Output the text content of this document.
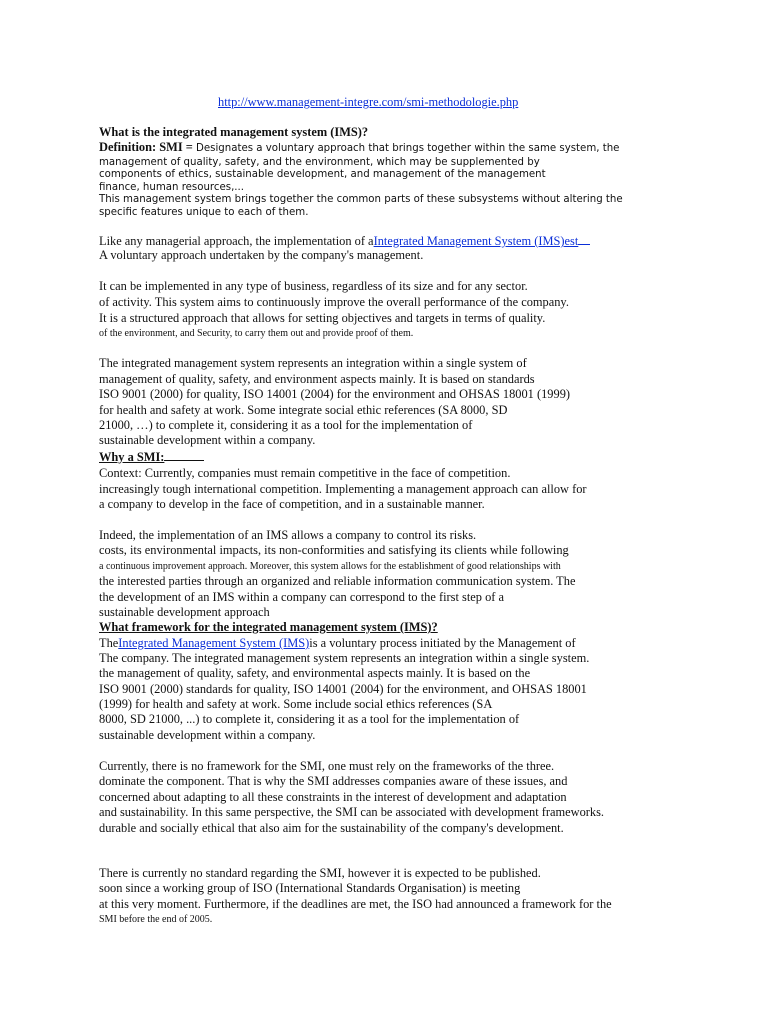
http://www.management-integre.com/smi-methodologie.php
What is the integrated management system (IMS)?
Definition: SMI = Designates a voluntary approach that brings together within the same system, the
management of quality, safety, and the environment, which may be supplemented by
components of ethics, sustainable development, and management of the management
finance, human resources,...
This management system brings together the common parts of these subsystems without altering the
specific features unique to each of them.
Like any managerial approach, the implementation of aIntegrated Management System (IMS)est
A voluntary approach undertaken by the company's management.
It can be implemented in any type of business, regardless of its size and for any sector.
of activity. This system aims to continuously improve the overall performance of the company.
It is a structured approach that allows for setting objectives and targets in terms of quality.
of the environment, and Security, to carry them out and provide proof of them.
The integrated management system represents an integration within a single system of
management of quality, safety, and environment aspects mainly. It is based on standards
ISO 9001 (2000) for quality, ISO 14001 (2004) for the environment and OHSAS 18001 (1999)
for health and safety at work. Some integrate social ethic references (SA 8000, SD
21000, …) to complete it, considering it as a tool for the implementation of
sustainable development within a company.
Why a SMI:
Context: Currently, companies must remain competitive in the face of competition.
increasingly tough international competition. Implementing a management approach can allow for
a company to develop in the face of competition, and in a sustainable manner.
Indeed, the implementation of an IMS allows a company to control its risks.
costs, its environmental impacts, its non-conformities and satisfying its clients while following
a continuous improvement approach. Moreover, this system allows for the establishment of good relationships with
the interested parties through an organized and reliable information communication system. The
the development of an IMS within a company can correspond to the first step of a
sustainable development approach
What framework for the integrated management system (IMS)?
TheIntegrated Management System (IMS)is a voluntary process initiated by the Management of
The company. The integrated management system represents an integration within a single system.
the management of quality, safety, and environmental aspects mainly. It is based on the
ISO 9001 (2000) standards for quality, ISO 14001 (2004) for the environment, and OHSAS 18001
(1999) for health and safety at work. Some include social ethics references (SA
8000, SD 21000, ...) to complete it, considering it as a tool for the implementation of
sustainable development within a company.
Currently, there is no framework for the SMI, one must rely on the frameworks of the three.
dominate the component. That is why the SMI addresses companies aware of these issues, and
concerned about adapting to all these constraints in the interest of development and adaptation
and sustainability. In this same perspective, the SMI can be associated with development frameworks.
durable and socially ethical that also aim for the sustainability of the company's development.
There is currently no standard regarding the SMI, however it is expected to be published.
soon since a working group of ISO (International Standards Organisation) is meeting
at this very moment. Furthermore, if the deadlines are met, the ISO had announced a framework for the
SMI before the end of 2005.
